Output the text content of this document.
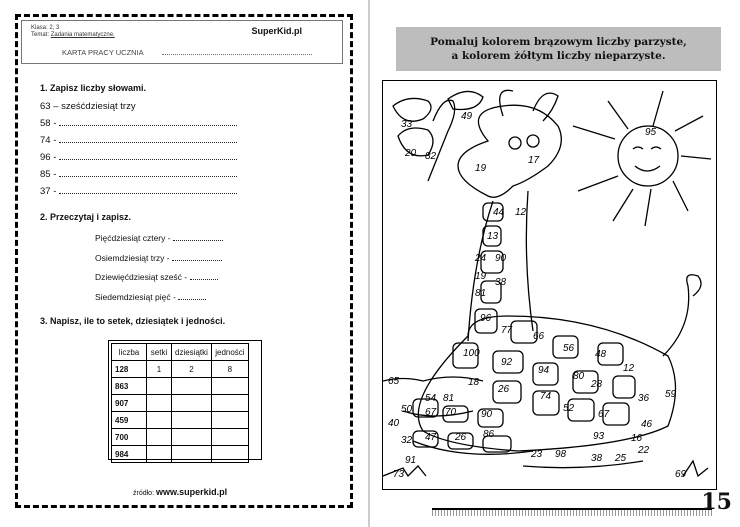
Klasa: 2, 3
Temat: Zadania matematyczne.	SuperKid.pl
KARTA PRACY UCZNIA
1. Zapisz liczby słowami.
63 – sześćdziesiąt trzy
58 -
74 -
96 -
85 -
37 -
2. Przeczytaj i zapisz.
Pięćdziesiąt cztery -
Osiemdziesiąt trzy -
Dziewięćdziesiąt sześć -
Siedemdziesiąt pięć -
3. Napisz, ile to setek, dziesiątek i jedności.
liczba	setki	dziesiątki	jedności
128	1	2	8
863			
907			
459			
700			
984			
źródło: www.superkid.pl
Pomaluj kolorem brązowym liczby parzyste,
a kolorem żółtym liczby nieparzyste.
95
33
49
20 82
19
17
44 12
13
24 90
19
38
81
96
77
100
66
56
48
12
92
94
80
65	18
26
74
28
59
54 81
50 67 70 90
52
67
36
46
40
32 47 26 86	93	16
91
23 98 38 25
22
73	69
15
